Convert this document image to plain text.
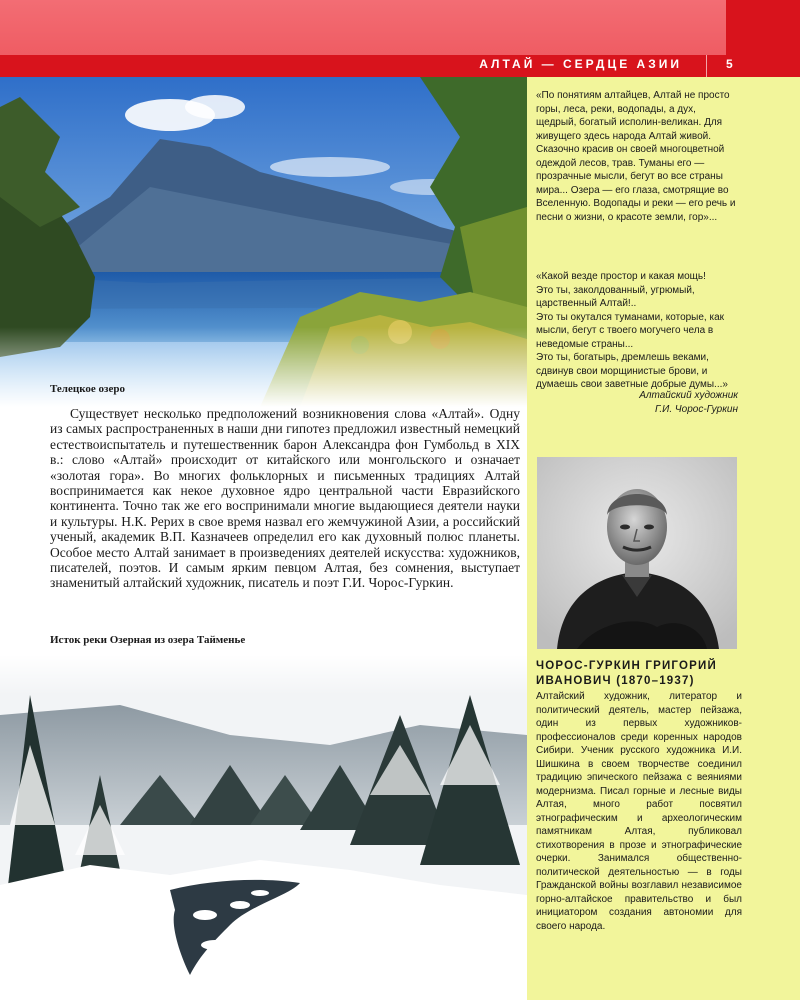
АЛТАЙ — СЕРДЦЕ АЗИИ	5
Телецкое озеро

Существует несколько предположений возникновения слова «Алтай». Одну из самых распространенных в наши дни гипотез предложил известный немецкий естествоиспытатель и путешественник барон Александра фон Гумбольд в XIX в.: слово «Алтай» происходит от китайского или монгольского и означает «золотая гора». Во многих фольклорных и письменных традициях Алтай воспринимается как некое духовное ядро центральной части Евразийского континента. Точно так же его воспринимали многие выдающиеся деятели науки и культуры. Н.К. Рерих в свое время назвал его жемчужиной Азии, а российский ученый, академик В.П. Казначеев определил его как духовный полюс планеты. Особое место Алтай занимает в произведениях деятелей искусства: художников, писателей, поэтов. И самым ярким певцом Алтая, без сомнения, выступает знаменитый алтайский художник, писатель и поэт Г.И. Чорос-Гуркин.

Исток реки Озерная из озера Тайменье

«По понятиям алтайцев, Алтай не просто горы, леса, реки, водопады, а дух, щедрый, богатый исполин-великан. Для живущего здесь народа Алтай живой. Сказочно красив он своей многоцветной одеждой лесов, трав. Туманы его — прозрачные мысли, бегут во все страны мира... Озера — его глаза, смотрящие во Вселенную. Водопады и реки — его речь и песни о жизни, о красоте земли, гор»...

«Какой везде простор и какая мощь!
Это ты, заколдованный, угрюмый, царственный Алтай!..
Это ты окутался туманами, которые, как мысли, бегут с твоего могучего чела в неведомые страны...
Это ты, богатырь, дремлешь веками, сдвинув свои морщинистые брови, и думаешь свои заветные добрые думы...»
Алтайский художник
Г.И. Чорос-Гуркин
ЧОРОС-ГУРКИН ГРИГОРИЙ ИВАНОВИЧ (1870–1937)

Алтайский художник, литератор и политический деятель, мастер пейзажа, один из первых художников-профессионалов среди коренных народов Сибири. Ученик русского художника И.И. Шишкина в своем творчестве соединил традицию эпического пейзажа с веяниями модернизма. Писал горные и лесные виды Алтая, много работ посвятил этнографическим и археологическим памятникам Алтая, публиковал стихотворения в прозе и этнографические очерки. Занимался общественно-политической деятельностью — в годы Гражданской войны возглавил независимое горно-алтайское правительство и был инициатором создания автономии для своего народа.
